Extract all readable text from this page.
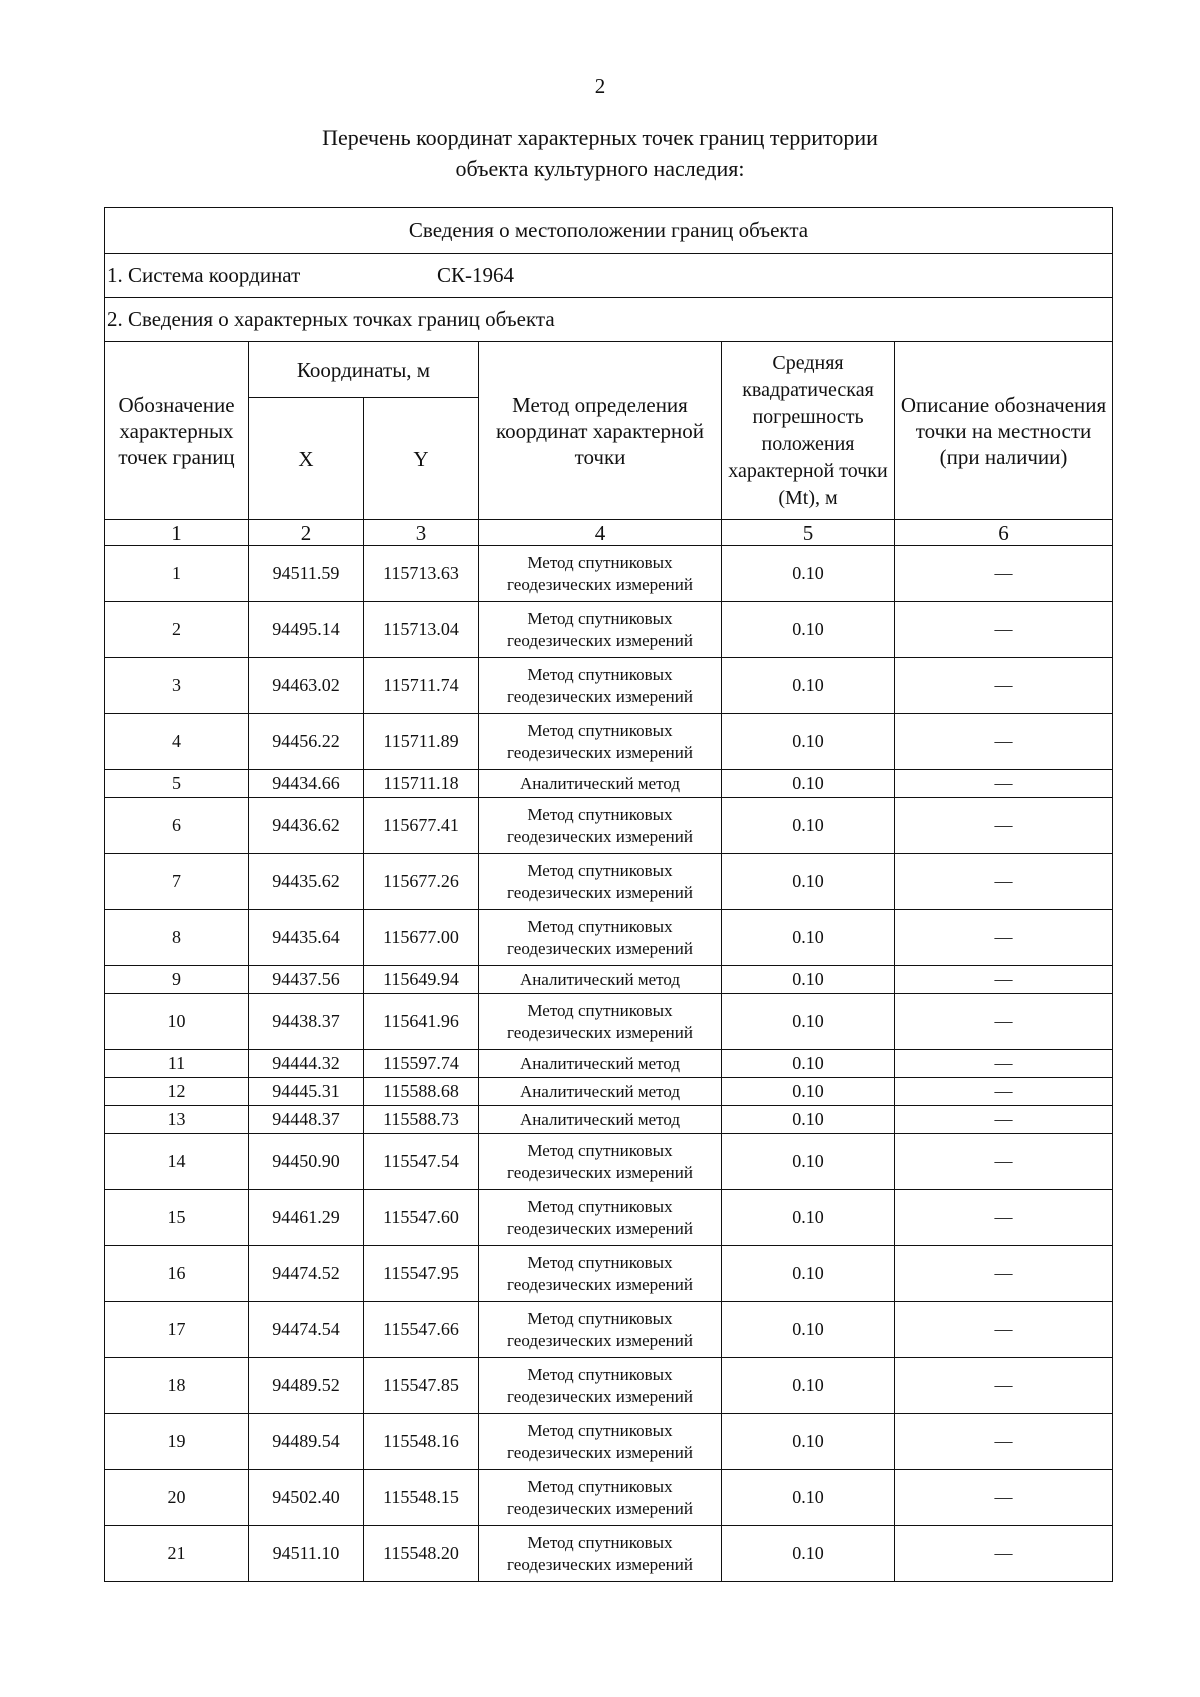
2
Перечень координат характерных точек границ территории
объекта культурного наследия:
Сведения о местоположении границ объекта					
1. Система координат СК-1964					
2. Сведения о характерных точках границ объекта					
Обозначение характерных точек границ	Координаты, м		Метод определения координат характерной точки	Средняя квадратическая погрешность положения характерной точки (Mt), м	Описание обозначения точки на местности (при наличии)
	X	Y			
1	2	3	4	5	6
1	94511.59	115713.63	Метод спутниковых геодезических измерений	0.10	—
2	94495.14	115713.04	Метод спутниковых геодезических измерений	0.10	—
3	94463.02	115711.74	Метод спутниковых геодезических измерений	0.10	—
4	94456.22	115711.89	Метод спутниковых геодезических измерений	0.10	—
5	94434.66	115711.18	Аналитический метод	0.10	—
6	94436.62	115677.41	Метод спутниковых геодезических измерений	0.10	—
7	94435.62	115677.26	Метод спутниковых геодезических измерений	0.10	—
8	94435.64	115677.00	Метод спутниковых геодезических измерений	0.10	—
9	94437.56	115649.94	Аналитический метод	0.10	—
10	94438.37	115641.96	Метод спутниковых геодезических измерений	0.10	—
11	94444.32	115597.74	Аналитический метод	0.10	—
12	94445.31	115588.68	Аналитический метод	0.10	—
13	94448.37	115588.73	Аналитический метод	0.10	—
14	94450.90	115547.54	Метод спутниковых геодезических измерений	0.10	—
15	94461.29	115547.60	Метод спутниковых геодезических измерений	0.10	—
16	94474.52	115547.95	Метод спутниковых геодезических измерений	0.10	—
17	94474.54	115547.66	Метод спутниковых геодезических измерений	0.10	—
18	94489.52	115547.85	Метод спутниковых геодезических измерений	0.10	—
19	94489.54	115548.16	Метод спутниковых геодезических измерений	0.10	—
20	94502.40	115548.15	Метод спутниковых геодезических измерений	0.10	—
21	94511.10	115548.20	Метод спутниковых геодезических измерений	0.10	—
